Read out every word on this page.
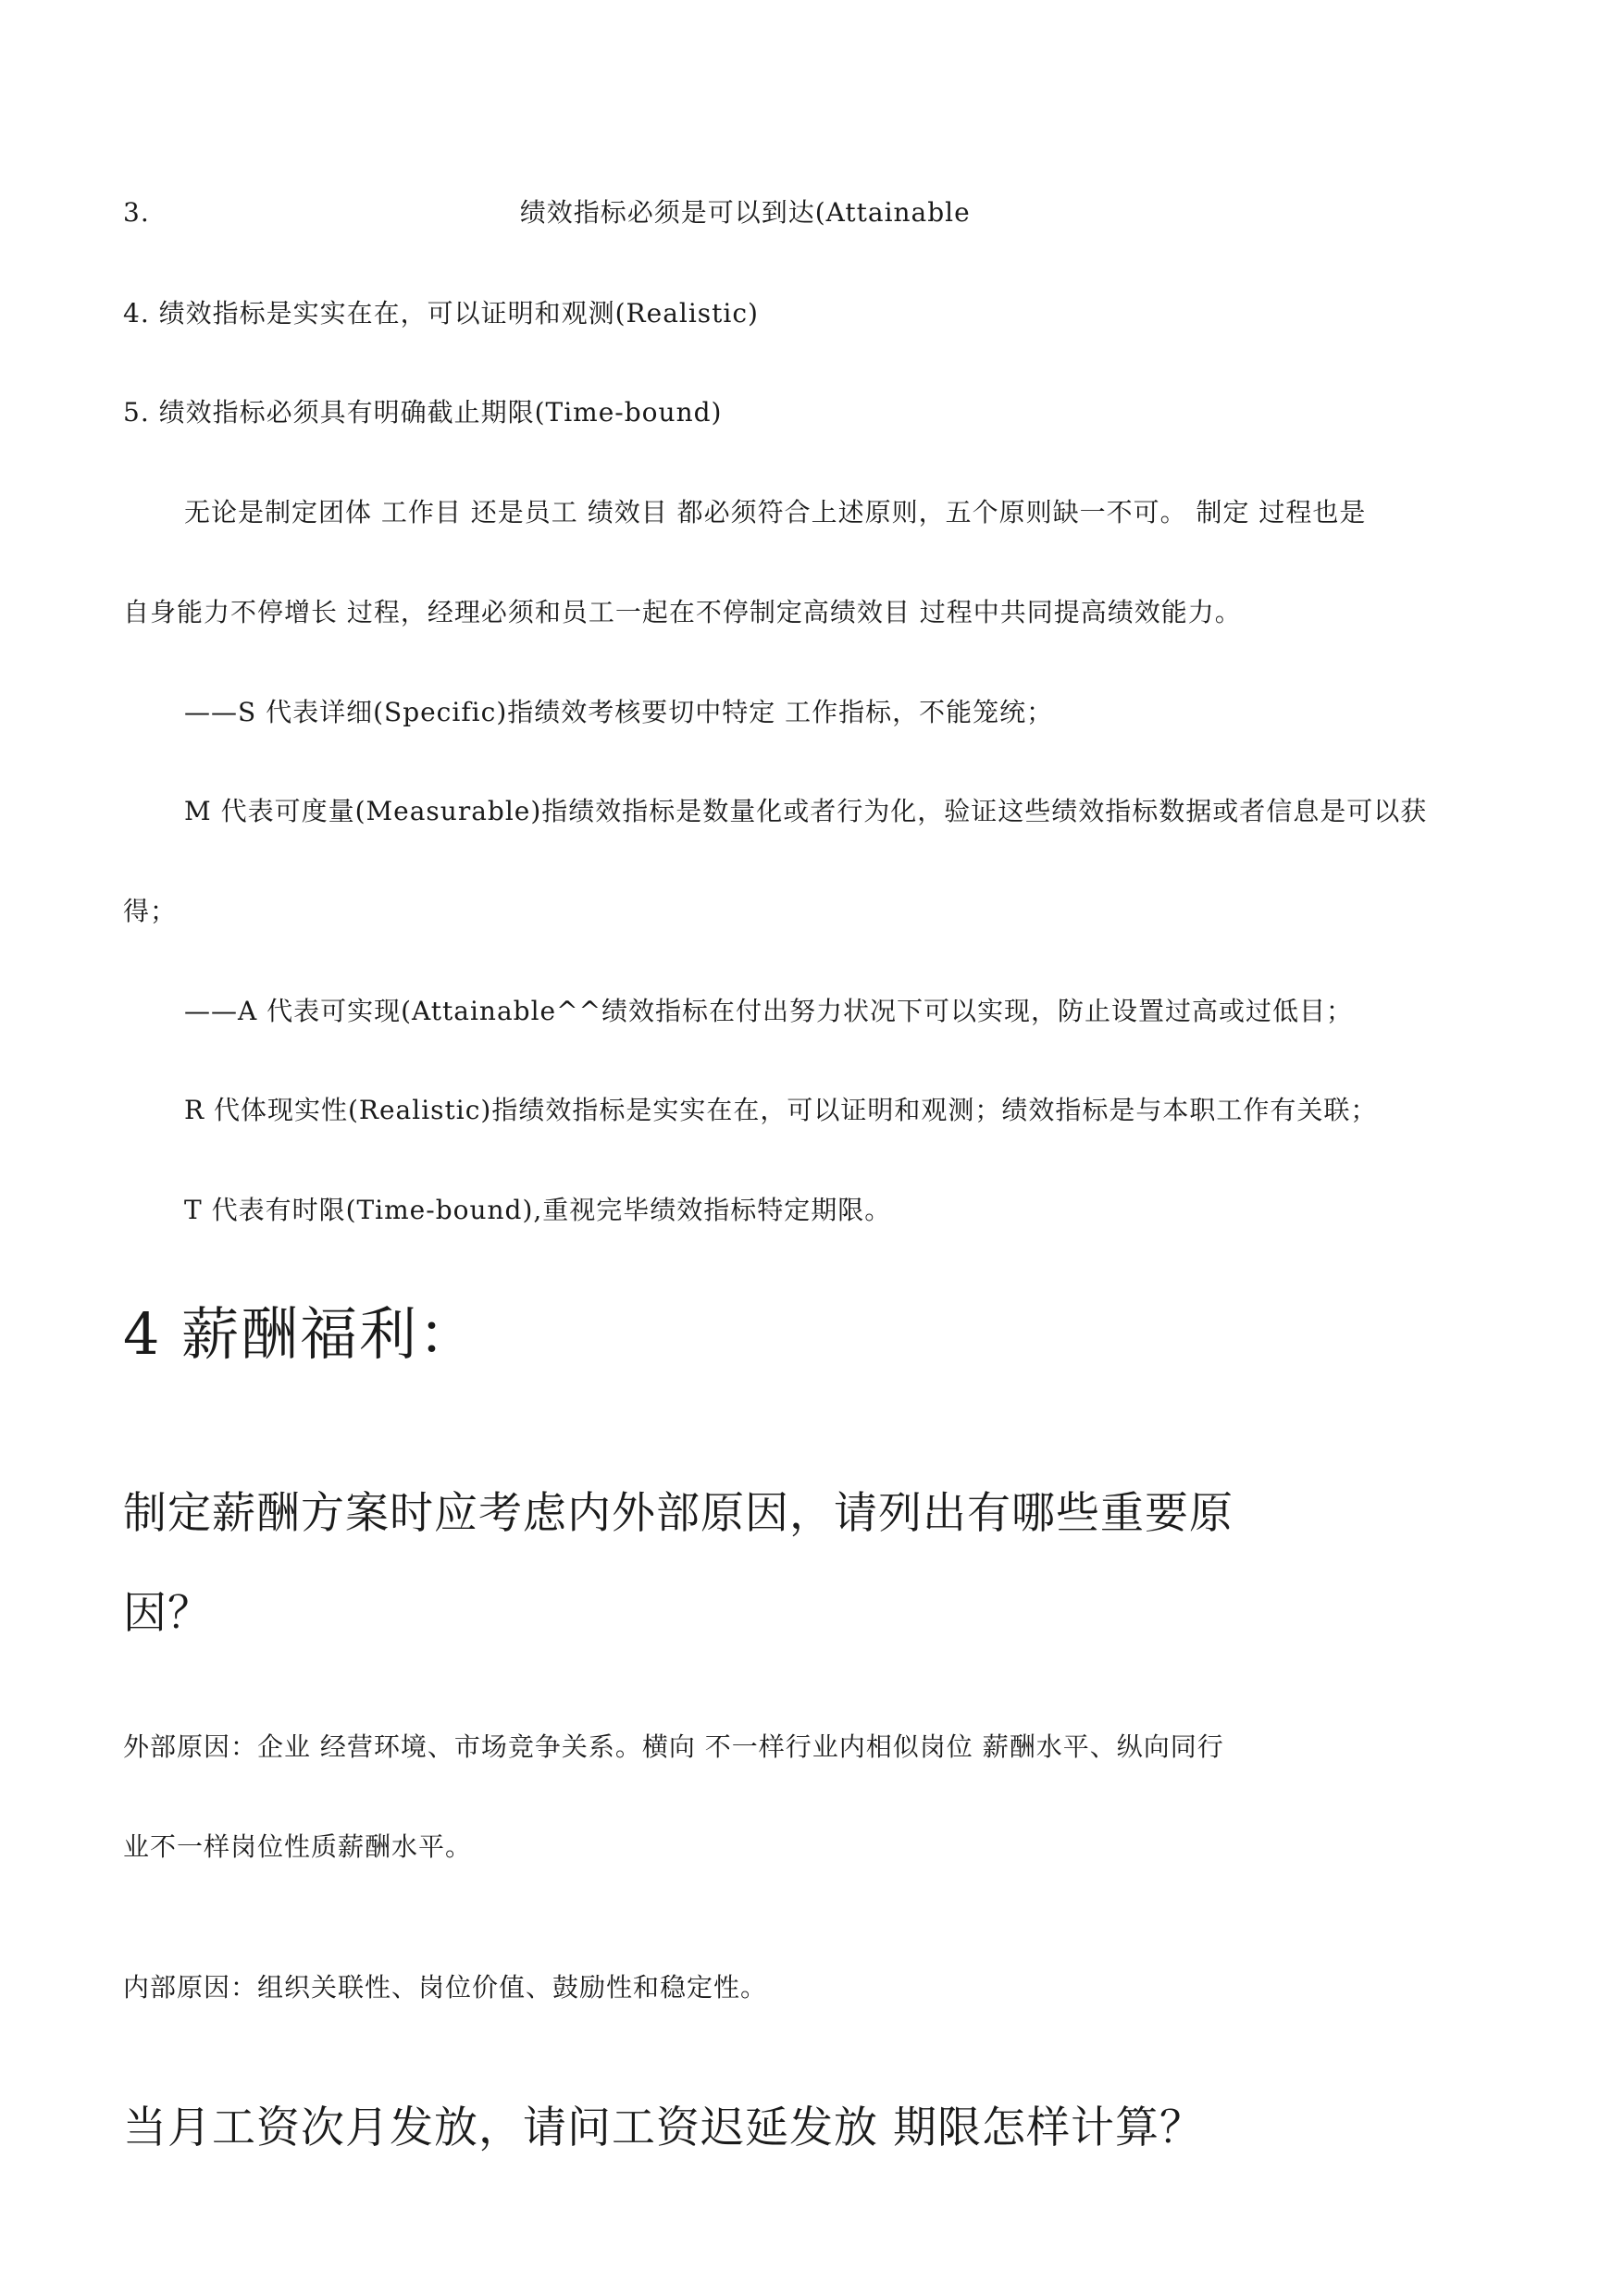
3.	绩效指标必须是可以到达(Attainable
4. 绩效指标是实实在在，可以证明和观测(Realistic)
5. 绩效指标必须具有明确截止期限(Time-bound)
无论是制定团体 工作目 还是员工 绩效目 都必须符合上述原则，五个原则缺一不可。 制定 过程也是
自身能力不停增长 过程，经理必须和员工一起在不停制定高绩效目 过程中共同提高绩效能力。
——S 代表详细(Specific)指绩效考核要切中特定 工作指标，不能笼统；
M 代表可度量(Measurable)指绩效指标是数量化或者行为化，验证这些绩效指标数据或者信息是可以获
得；
——A 代表可实现(Attainable^^绩效指标在付出努力状况下可以实现，防止设置过高或过低目；
R 代体现实性(Realistic)指绩效指标是实实在在，可以证明和观测；绩效指标是与本职工作有关联；
T 代表有时限(Time-bound),重视完毕绩效指标特定期限。
4 薪酬福利：
制定薪酬方案时应考虑内外部原因，请列出有哪些重要原
因？
外部原因：企业 经营环境、市场竞争关系。横向 不一样行业内相似岗位 薪酬水平、纵向同行
业不一样岗位性质薪酬水平。
内部原因：组织关联性、岗位价值、鼓励性和稳定性。
当月工资次月发放，请问工资迟延发放 期限怎样计算？
